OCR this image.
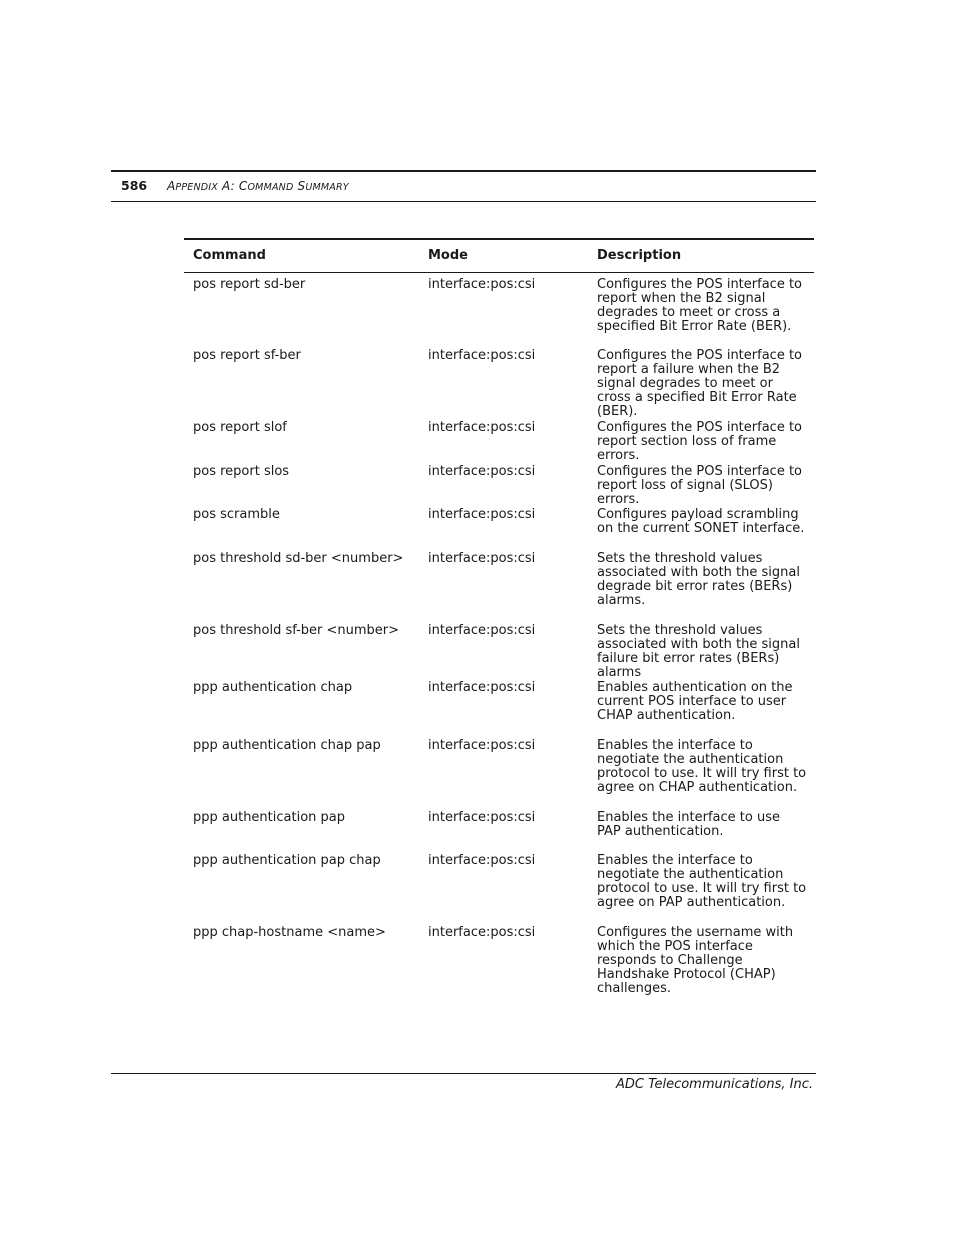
586 APPENDIX A: COMMAND SUMMARY
Command	Mode	Description
pos report sd-ber	interface:pos:csi	Configures the POS interface to report when the B2 signal degrades to meet or cross a specified Bit Error Rate (BER).
pos report sf-ber	interface:pos:csi	Configures the POS interface to report a failure when the B2 signal degrades to meet or cross a specified Bit Error Rate (BER).
pos report slof	interface:pos:csi	Configures the POS interface to report section loss of frame errors.
pos report slos	interface:pos:csi	Configures the POS interface to report loss of signal (SLOS) errors.
pos scramble	interface:pos:csi	Configures payload scrambling on the current SONET interface.
pos threshold sd-ber <number> interface:pos:csi	Sets the threshold values associated with both the signal degrade bit error rates (BERs) alarms.
pos threshold sf-ber <number> interface:pos:csi	Sets the threshold values associated with both the signal failure bit error rates (BERs) alarms
ppp authentication chap	interface:pos:csi	Enables authentication on the current POS interface to user CHAP authentication.
ppp authentication chap pap	interface:pos:csi	Enables the interface to negotiate the authentication protocol to use. It will try first to agree on CHAP authentication.
ppp authentication pap	interface:pos:csi	Enables the interface to use PAP authentication.
ppp authentication pap chap	interface:pos:csi	Enables the interface to negotiate the authentication protocol to use. It will try first to agree on PAP authentication.
ppp chap-hostname <name>	interface:pos:csi	Configures the username with which the POS interface responds to Challenge Handshake Protocol (CHAP) challenges.
ADC Telecommunications, Inc.
